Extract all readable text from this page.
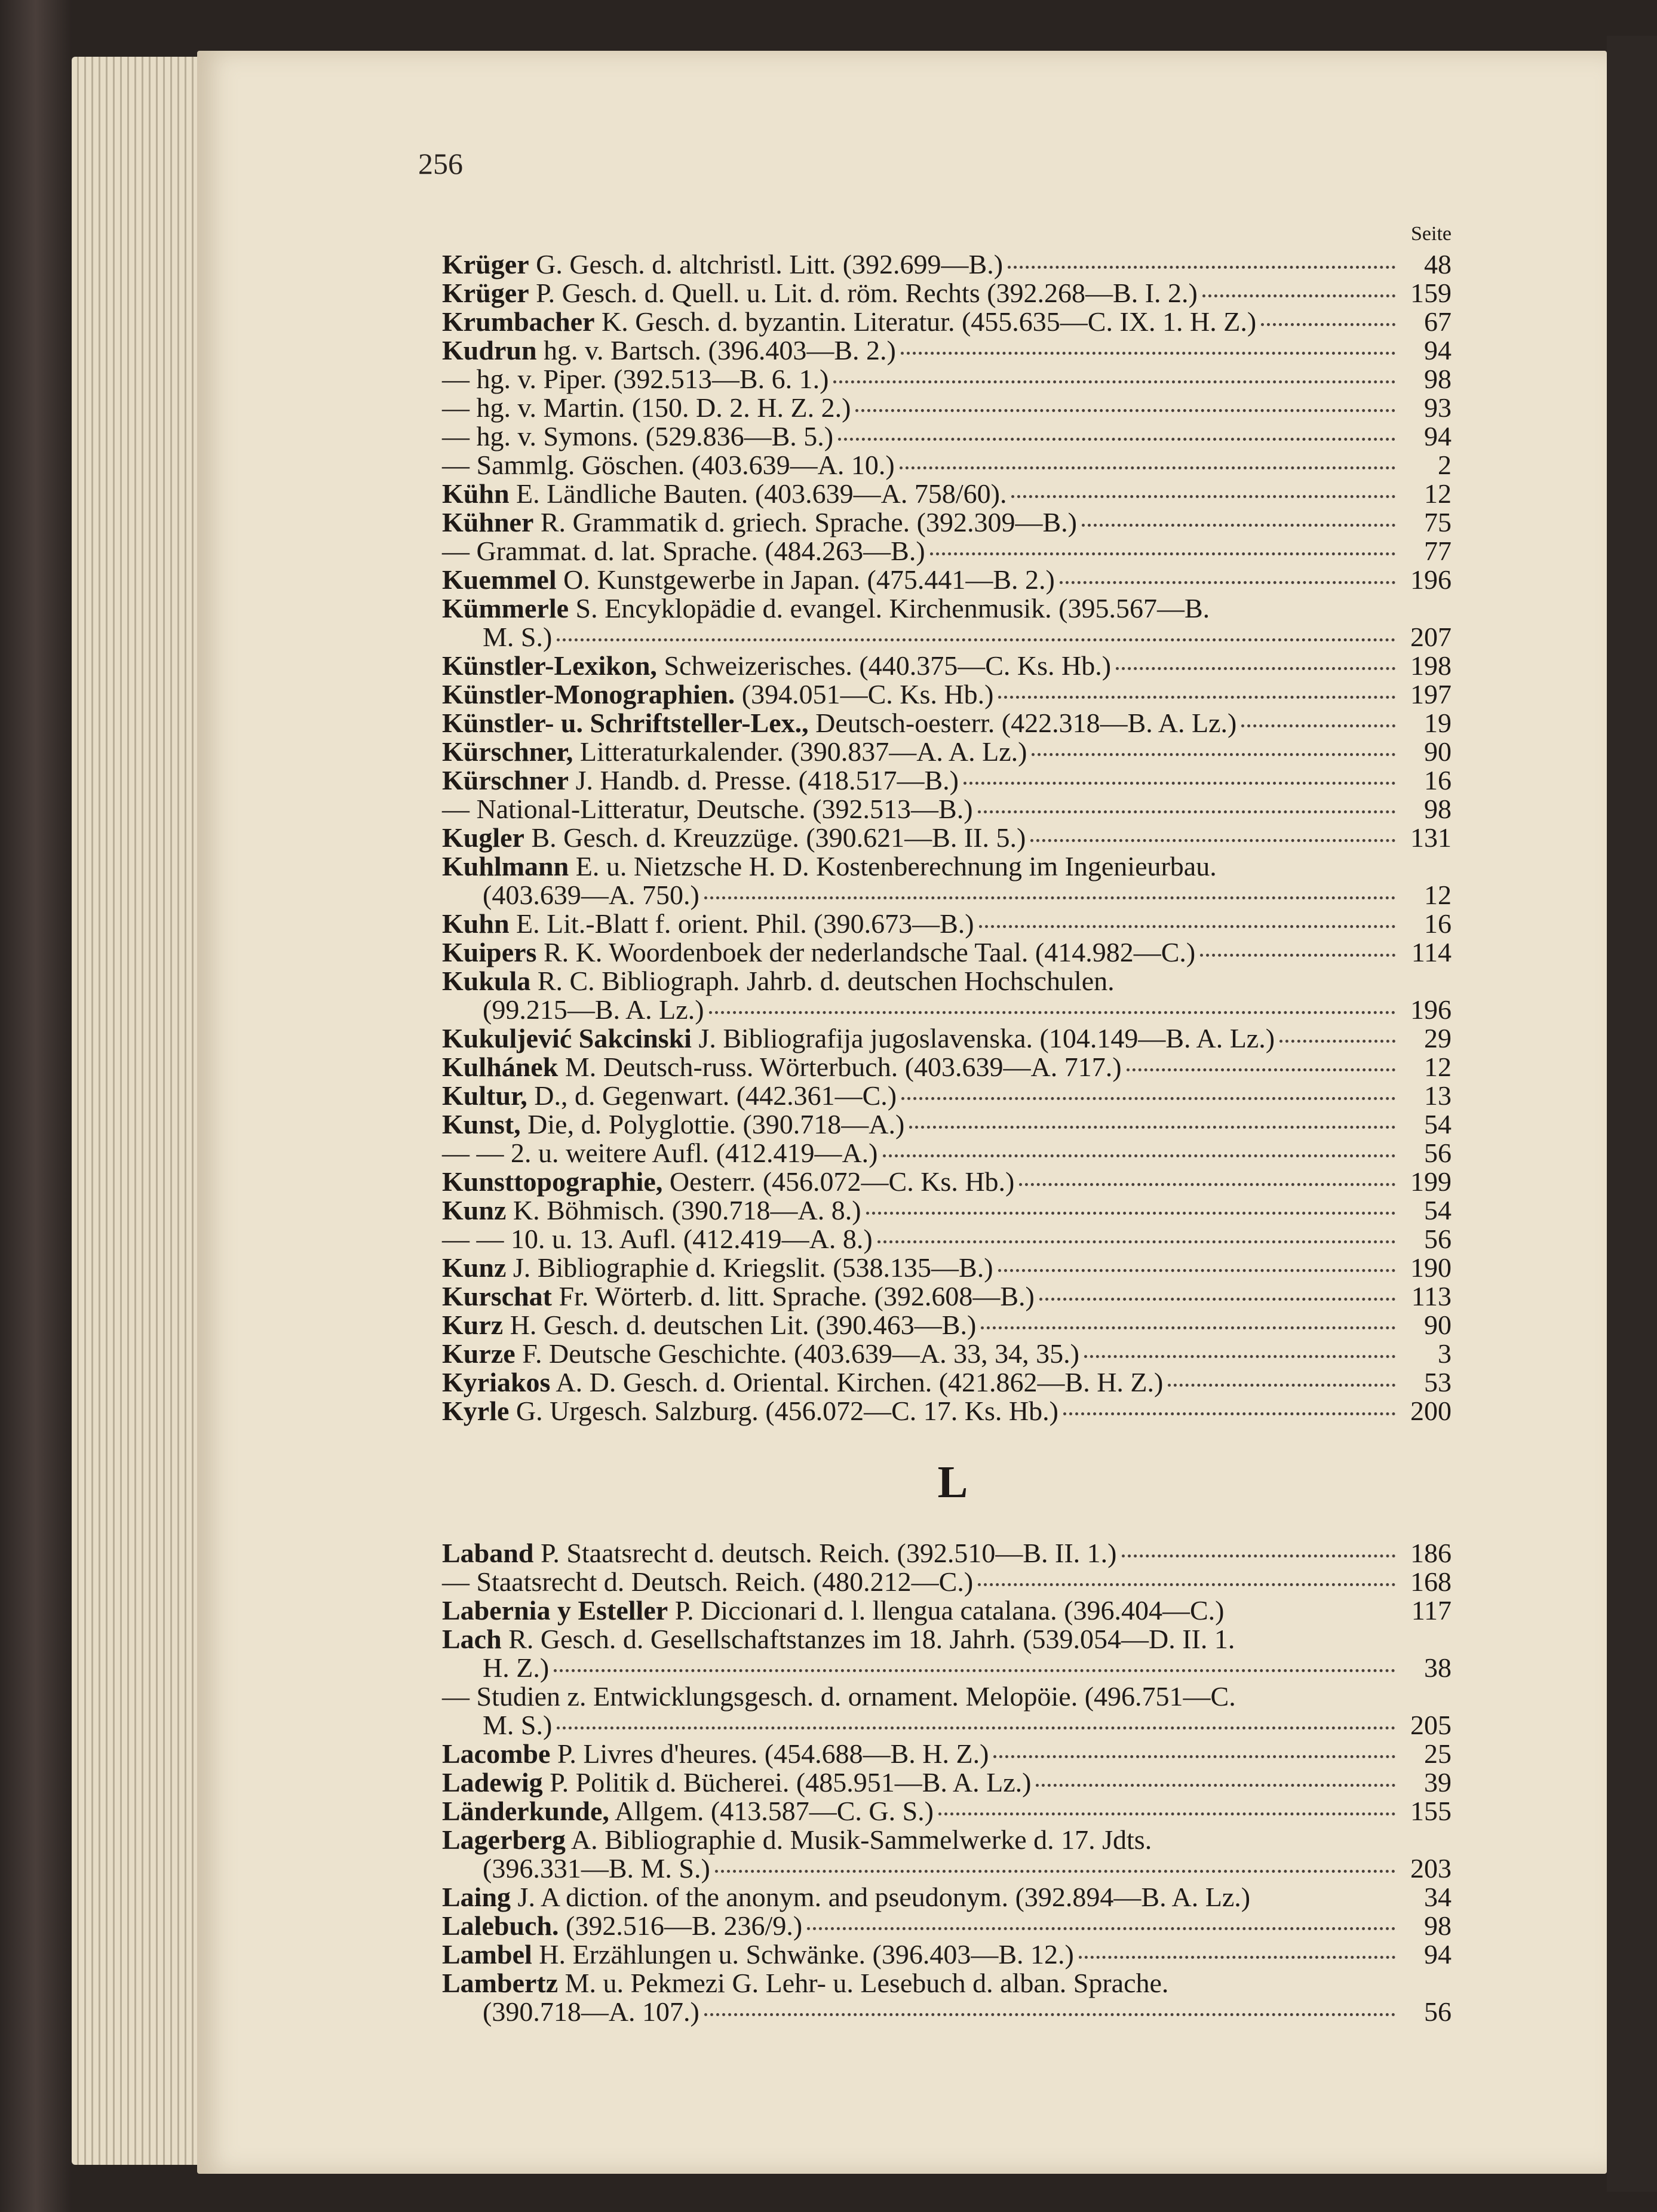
256
Seite
Krüger G. Gesch. d. altchristl. Litt. (392.699—B.)	48
Krüger P. Gesch. d. Quell. u. Lit. d. röm. Rechts (392.268—B. I. 2.)	159
Krumbacher K. Gesch. d. byzantin. Literatur. (455.635—C. IX. 1. H. Z.)	67
Kudrun hg. v. Bartsch. (396.403—B. 2.)	94
— hg. v. Piper. (392.513—B. 6. 1.)	98
— hg. v. Martin. (150. D. 2. H. Z. 2.)	93
— hg. v. Symons. (529.836—B. 5.)	94
— Sammlg. Göschen. (403.639—A. 10.)	2
Kühn E. Ländliche Bauten. (403.639—A. 758/60).	12
Kühner R. Grammatik d. griech. Sprache. (392.309—B.)	75
— Grammat. d. lat. Sprache. (484.263—B.)	77
Kuemmel O. Kunstgewerbe in Japan. (475.441—B. 2.)	196
Kümmerle S. Encyklopädie d. evangel. Kirchenmusik. (395.567—B.
M. S.)	207
Künstler-Lexikon, Schweizerisches. (440.375—C. Ks. Hb.)	198
Künstler-Monographien. (394.051—C. Ks. Hb.)	197
Künstler- u. Schriftsteller-Lex., Deutsch-oesterr. (422.318—B. A. Lz.)	19
Kürschner, Litteraturkalender. (390.837—A. A. Lz.)	90
Kürschner J. Handb. d. Presse. (418.517—B.)	16
— National-Litteratur, Deutsche. (392.513—B.)	98
Kugler B. Gesch. d. Kreuzzüge. (390.621—B. II. 5.)	131
Kuhlmann E. u. Nietzsche H. D. Kostenberechnung im Ingenieurbau.
(403.639—A. 750.)	12
Kuhn E. Lit.-Blatt f. orient. Phil. (390.673—B.)	16
Kuipers R. K. Woordenboek der nederlandsche Taal. (414.982—C.)	114
Kukula R. C. Bibliograph. Jahrb. d. deutschen Hochschulen.
(99.215—B. A. Lz.)	196
Kukuljević Sakcinski J. Bibliografija jugoslavenska. (104.149—B. A. Lz.)	29
Kulhánek M. Deutsch-russ. Wörterbuch. (403.639—A. 717.)	12
Kultur, D., d. Gegenwart. (442.361—C.)	13
Kunst, Die, d. Polyglottie. (390.718—A.)	54
— — 2. u. weitere Aufl. (412.419—A.)	56
Kunsttopographie, Oesterr. (456.072—C. Ks. Hb.)	199
Kunz K. Böhmisch. (390.718—A. 8.)	54
— — 10. u. 13. Aufl. (412.419—A. 8.)	56
Kunz J. Bibliographie d. Kriegslit. (538.135—B.)	190
Kurschat Fr. Wörterb. d. litt. Sprache. (392.608—B.)	113
Kurz H. Gesch. d. deutschen Lit. (390.463—B.)	90
Kurze F. Deutsche Geschichte. (403.639—A. 33, 34, 35.)	3
Kyriakos A. D. Gesch. d. Oriental. Kirchen. (421.862—B. H. Z.)	53
Kyrle G. Urgesch. Salzburg. (456.072—C. 17. Ks. Hb.)	200
L
Laband P. Staatsrecht d. deutsch. Reich. (392.510—B. II. 1.)	186
— Staatsrecht d. Deutsch. Reich. (480.212—C.)	168
Labernia y Esteller P. Diccionari d. l. llengua catalana. (396.404—C.)	117
Lach R. Gesch. d. Gesellschaftstanzes im 18. Jahrh. (539.054—D. II. 1.
H. Z.)	38
— Studien z. Entwicklungsgesch. d. ornament. Melopöie. (496.751—C.
M. S.)	205
Lacombe P. Livres d'heures. (454.688—B. H. Z.)	25
Ladewig P. Politik d. Bücherei. (485.951—B. A. Lz.)	39
Länderkunde, Allgem. (413.587—C. G. S.)	155
Lagerberg A. Bibliographie d. Musik-Sammelwerke d. 17. Jdts.
(396.331—B. M. S.)	203
Laing J. A diction. of the anonym. and pseudonym. (392.894—B. A. Lz.)	34
Lalebuch. (392.516—B. 236/9.)	98
Lambel H. Erzählungen u. Schwänke. (396.403—B. 12.)	94
Lambertz M. u. Pekmezi G. Lehr- u. Lesebuch d. alban. Sprache.
(390.718—A. 107.)	56
